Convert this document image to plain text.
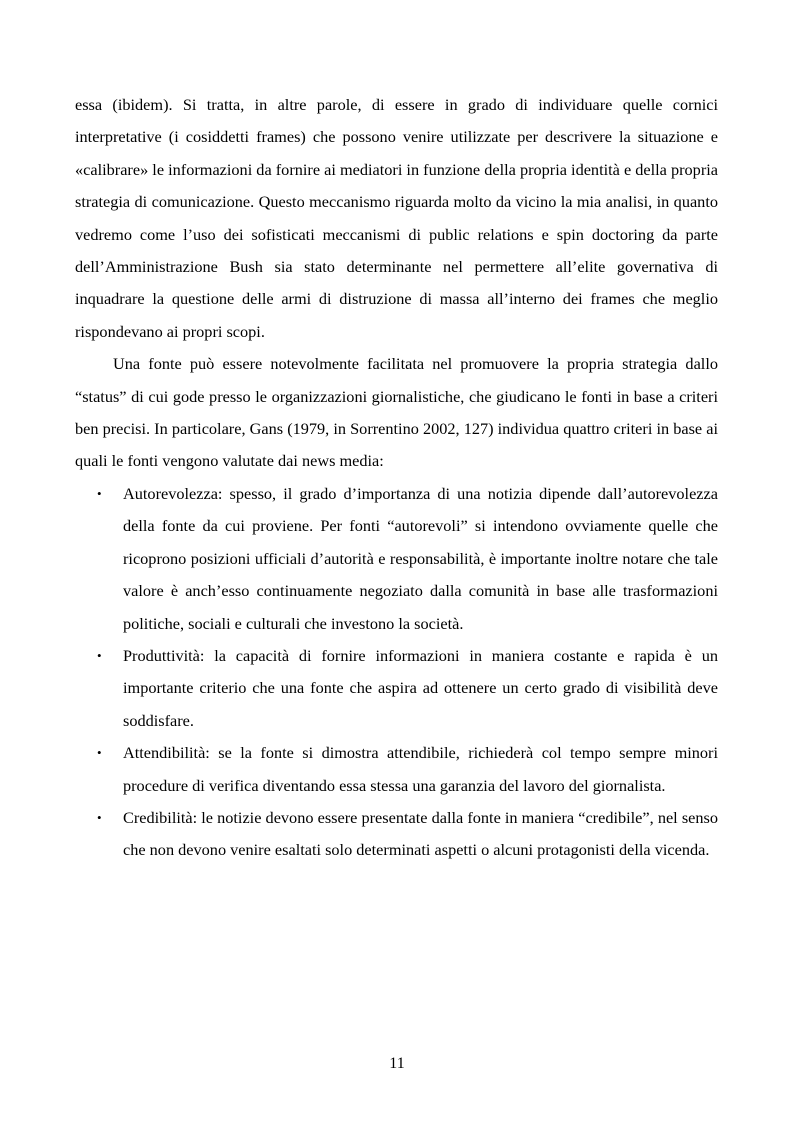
essa (ibidem). Si tratta, in altre parole, di essere in grado di individuare quelle cornici interpretative (i cosiddetti frames) che possono venire utilizzate per descrivere la situazione e «calibrare» le informazioni da fornire ai mediatori in funzione della propria identità e della propria strategia di comunicazione. Questo meccanismo riguarda molto da vicino la mia analisi, in quanto vedremo come l’uso dei sofisticati meccanismi di public relations e spin doctoring da parte dell’Amministrazione Bush sia stato determinante nel permettere all’elite governativa di inquadrare la questione delle armi di distruzione di massa all’interno dei frames che meglio rispondevano ai propri scopi.

Una fonte può essere notevolmente facilitata nel promuovere la propria strategia dallo “status” di cui gode presso le organizzazioni giornalistiche, che giudicano le fonti in base a criteri ben precisi. In particolare, Gans (1979, in Sorrentino 2002, 127) individua quattro criteri in base ai quali le fonti vengono valutate dai news media:

• Autorevolezza: spesso, il grado d’importanza di una notizia dipende dall’autorevolezza della fonte da cui proviene. Per fonti “autorevoli” si intendono ovviamente quelle che ricoprono posizioni ufficiali d’autorità e responsabilità, è importante inoltre notare che tale valore è anch’esso continuamente negoziato dalla comunità in base alle trasformazioni politiche, sociali e culturali che investono la società.
• Produttività: la capacità di fornire informazioni in maniera costante e rapida è un importante criterio che una fonte che aspira ad ottenere un certo grado di visibilità deve soddisfare.
• Attendibilità: se la fonte si dimostra attendibile, richiederà col tempo sempre minori procedure di verifica diventando essa stessa una garanzia del lavoro del giornalista.
• Credibilità: le notizie devono essere presentate dalla fonte in maniera “credibile”, nel senso che non devono venire esaltati solo determinati aspetti o alcuni protagonisti della vicenda.
11
